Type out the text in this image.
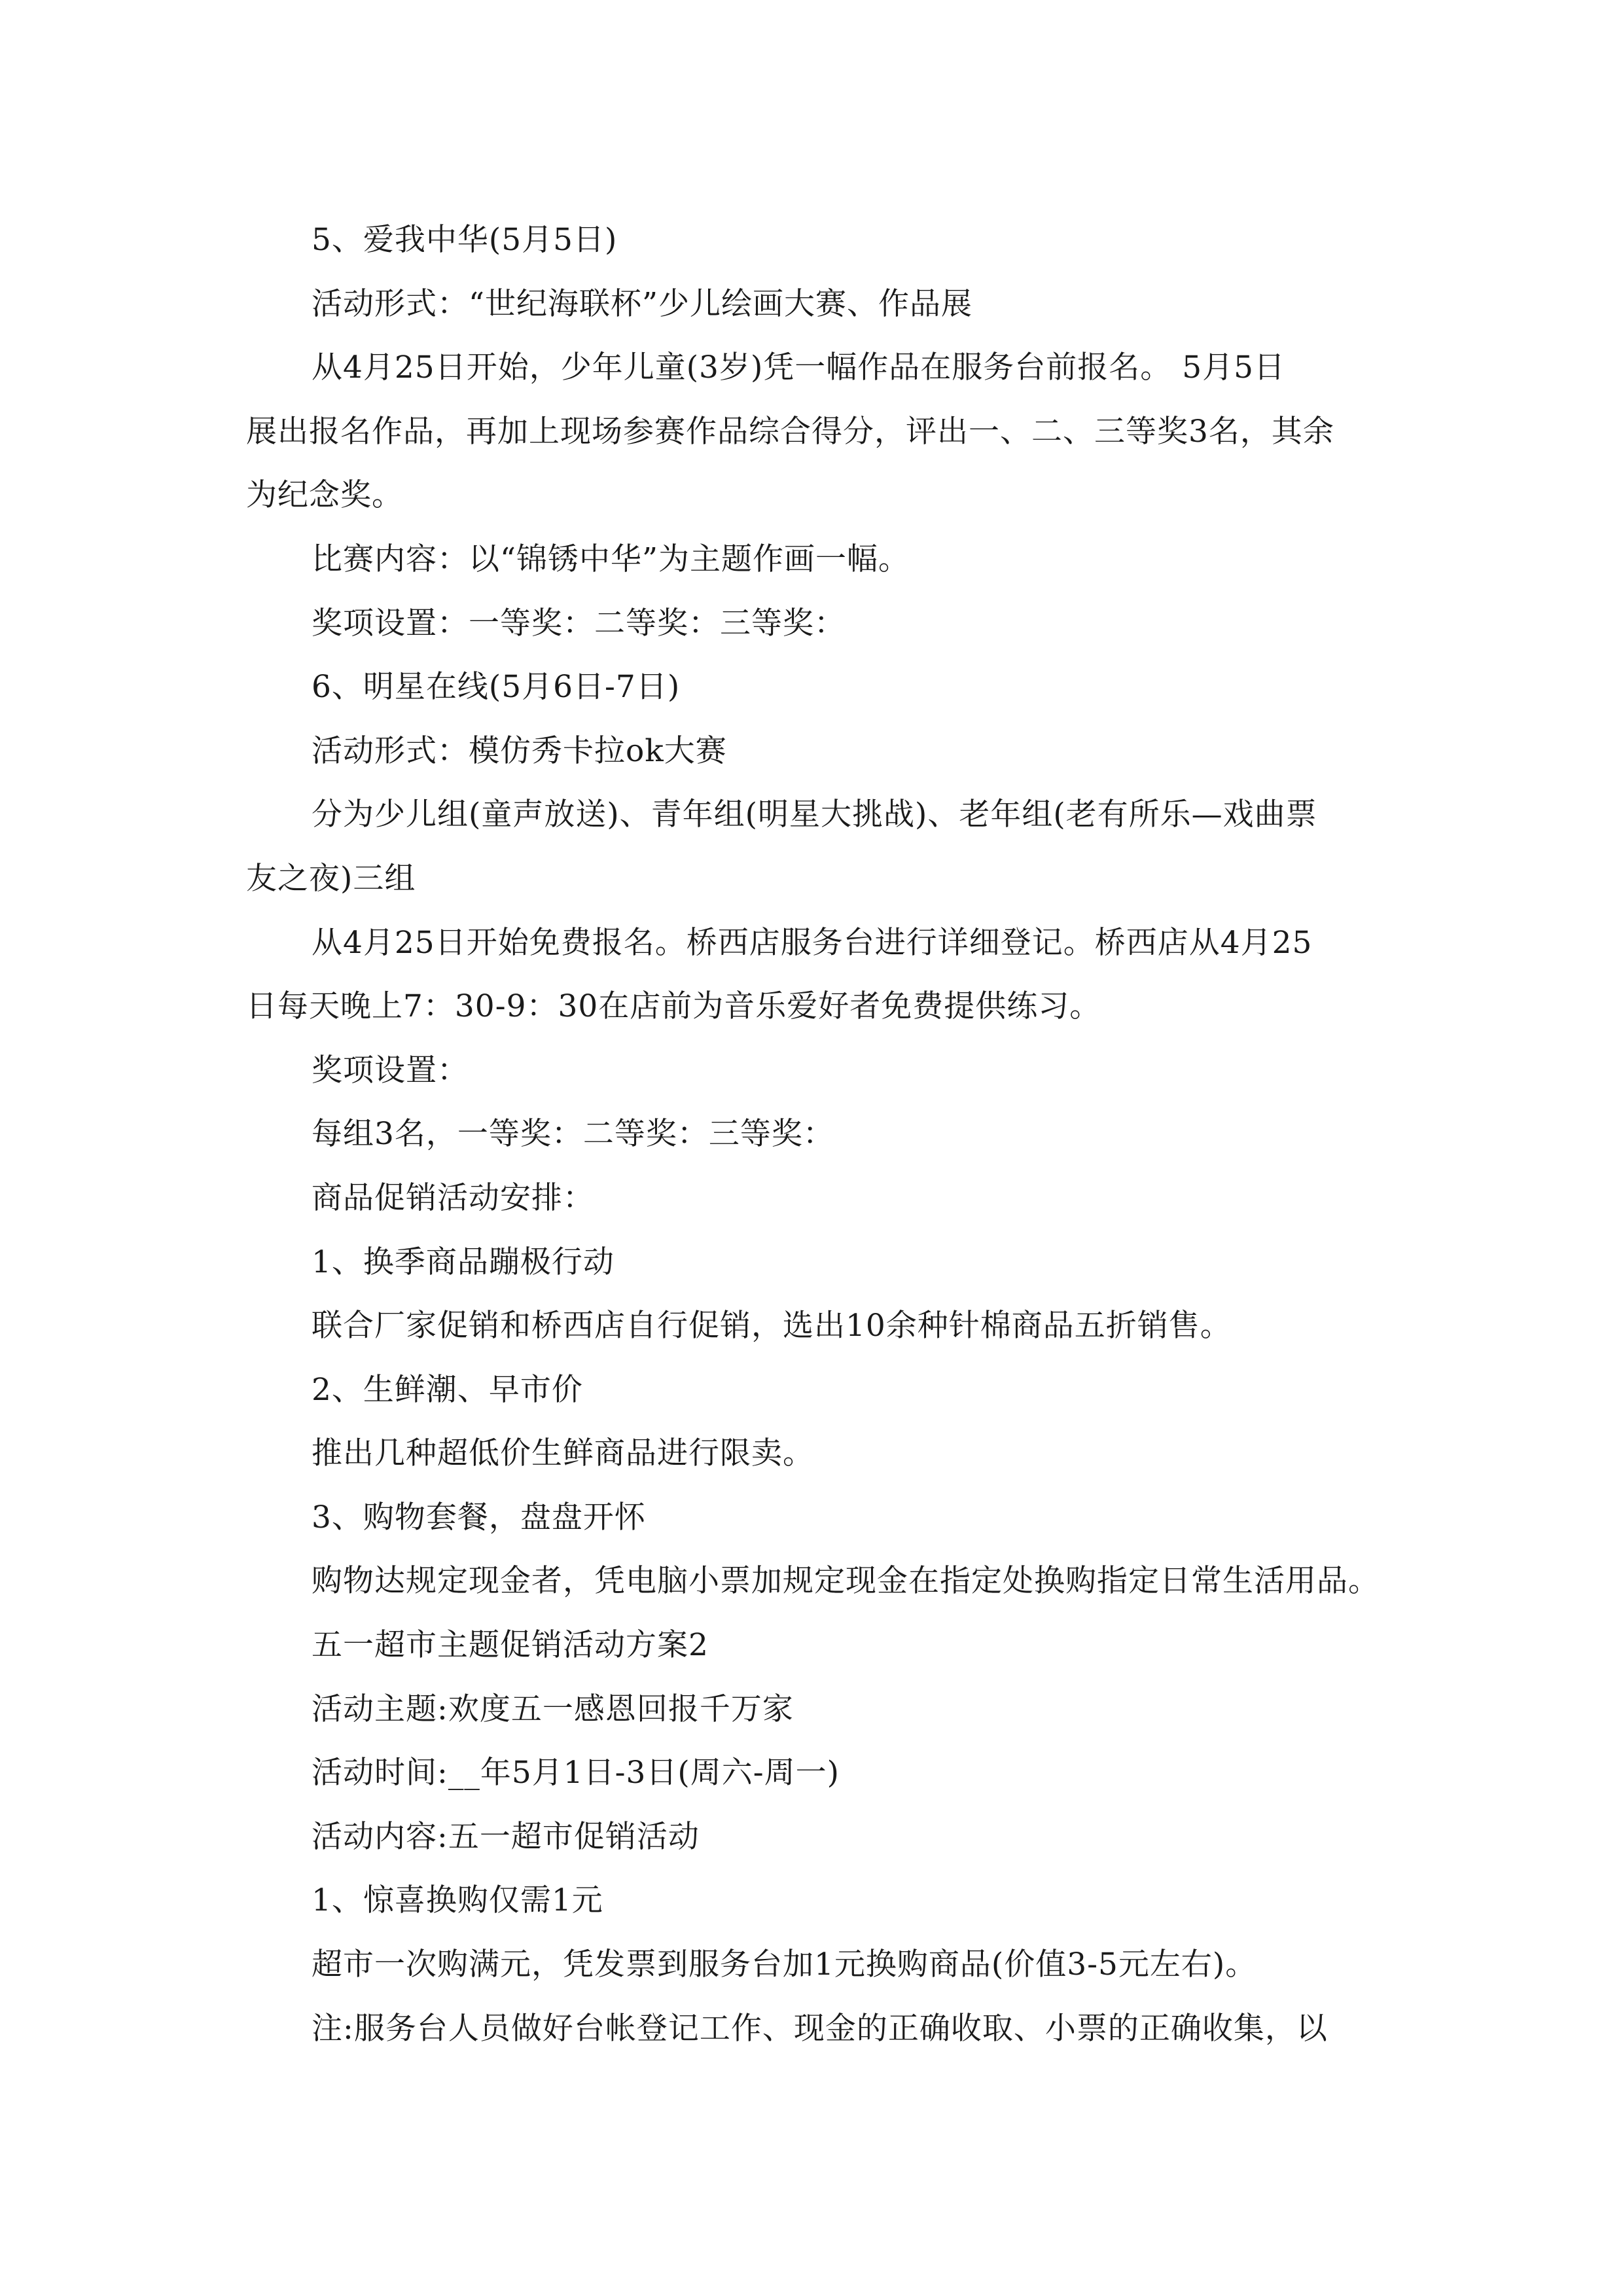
5、爱我中华(5月5日)
活动形式：“世纪海联杯”少儿绘画大赛、作品展
从4月25日开始，少年儿童(3岁)凭一幅作品在服务台前报名。 5月5日
展出报名作品，再加上现场参赛作品综合得分，评出一、二、三等奖3名，其余
为纪念奖。
比赛内容：以“锦锈中华”为主题作画一幅。
奖项设置：一等奖：二等奖：三等奖：
6、明星在线(5月6日-7日)
活动形式：模仿秀卡拉ok大赛
分为少儿组(童声放送)、青年组(明星大挑战)、老年组(老有所乐—戏曲票
友之夜)三组
从4月25日开始免费报名。桥西店服务台进行详细登记。桥西店从4月25
日每天晚上7：30-9：30在店前为音乐爱好者免费提供练习。
奖项设置：
每组3名，一等奖：二等奖：三等奖：
商品促销活动安排：
1、换季商品蹦极行动
联合厂家促销和桥西店自行促销，选出10余种针棉商品五折销售。
2、生鲜潮、早市价
推出几种超低价生鲜商品进行限卖。
3、购物套餐，盘盘开怀
购物达规定现金者，凭电脑小票加规定现金在指定处换购指定日常生活用品。
五一超市主题促销活动方案2
活动主题:欢度五一感恩回报千万家
活动时间:__年5月1日-3日(周六-周一)
活动内容:五一超市促销活动
1、惊喜换购仅需1元
超市一次购满元，凭发票到服务台加1元换购商品(价值3-5元左右)。
注:服务台人员做好台帐登记工作、现金的正确收取、小票的正确收集，以
